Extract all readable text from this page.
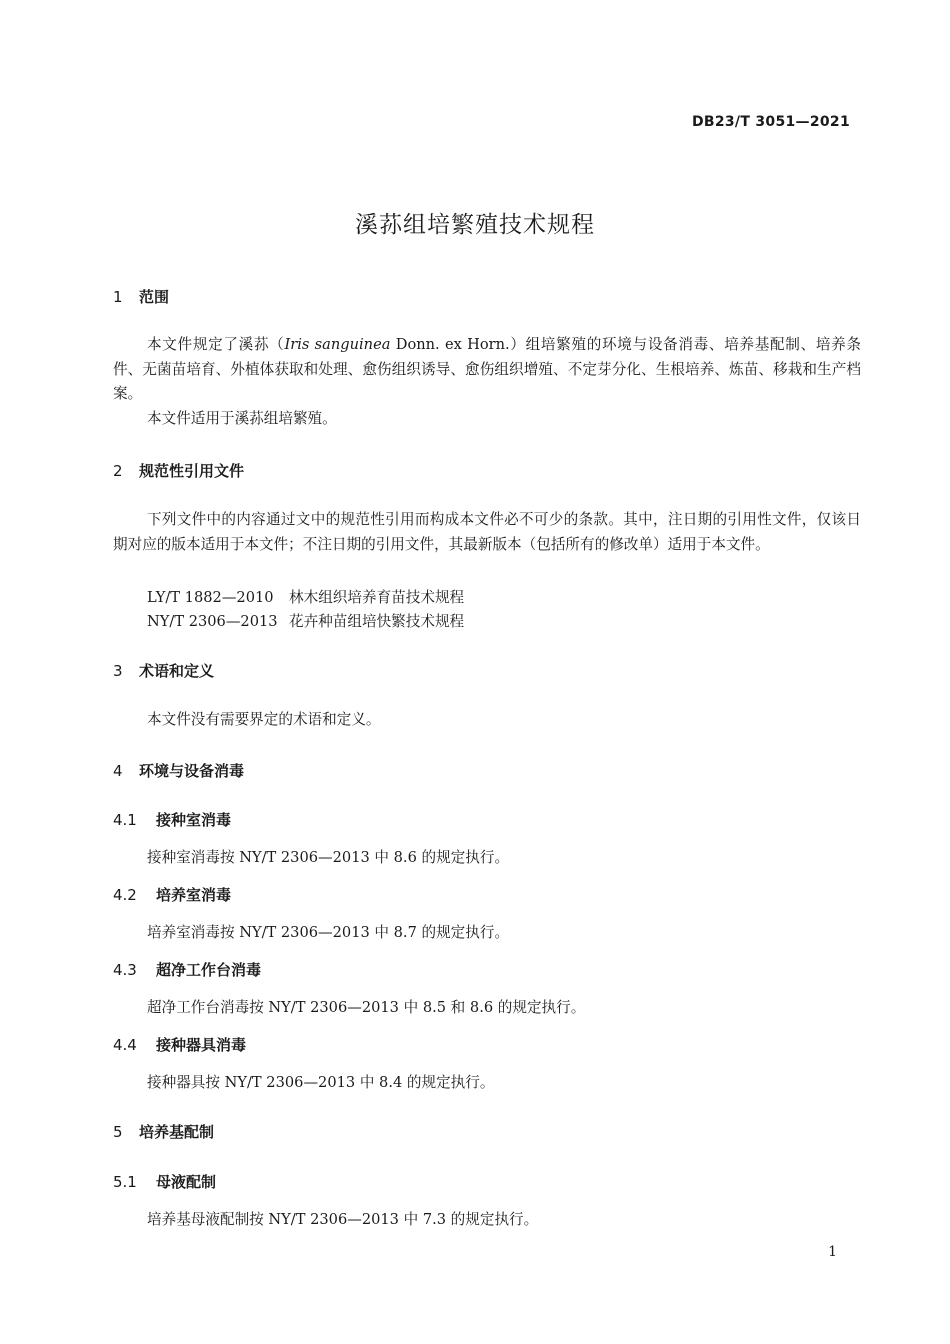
DB23/T 3051—2021
溪荪组培繁殖技术规程
1 范围
本文件规定了溪荪（Iris sanguinea Donn. ex Horn.）组培繁殖的环境与设备消毒、培养基配制、培养条件、无菌苗培育、外植体获取和处理、愈伤组织诱导、愈伤组织增殖、不定芽分化、生根培养、炼苗、移栽和生产档案。
本文件适用于溪荪组培繁殖。
2 规范性引用文件
下列文件中的内容通过文中的规范性引用而构成本文件必不可少的条款。其中，注日期的引用性文件，仅该日期对应的版本适用于本文件；不注日期的引用文件，其最新版本（包括所有的修改单）适用于本文件。
LY/T 1882—2010 林木组织培养育苗技术规程
NY/T 2306—2013 花卉种苗组培快繁技术规程
3 术语和定义
本文件没有需要界定的术语和定义。
4 环境与设备消毒
4.1 接种室消毒
接种室消毒按 NY/T 2306—2013 中 8.6 的规定执行。
4.2 培养室消毒
培养室消毒按 NY/T 2306—2013 中 8.7 的规定执行。
4.3 超净工作台消毒
超净工作台消毒按 NY/T 2306—2013 中 8.5 和 8.6 的规定执行。
4.4 接种器具消毒
接种器具按 NY/T 2306—2013 中 8.4 的规定执行。
5 培养基配制
5.1 母液配制
培养基母液配制按 NY/T 2306—2013 中 7.3 的规定执行。
1
